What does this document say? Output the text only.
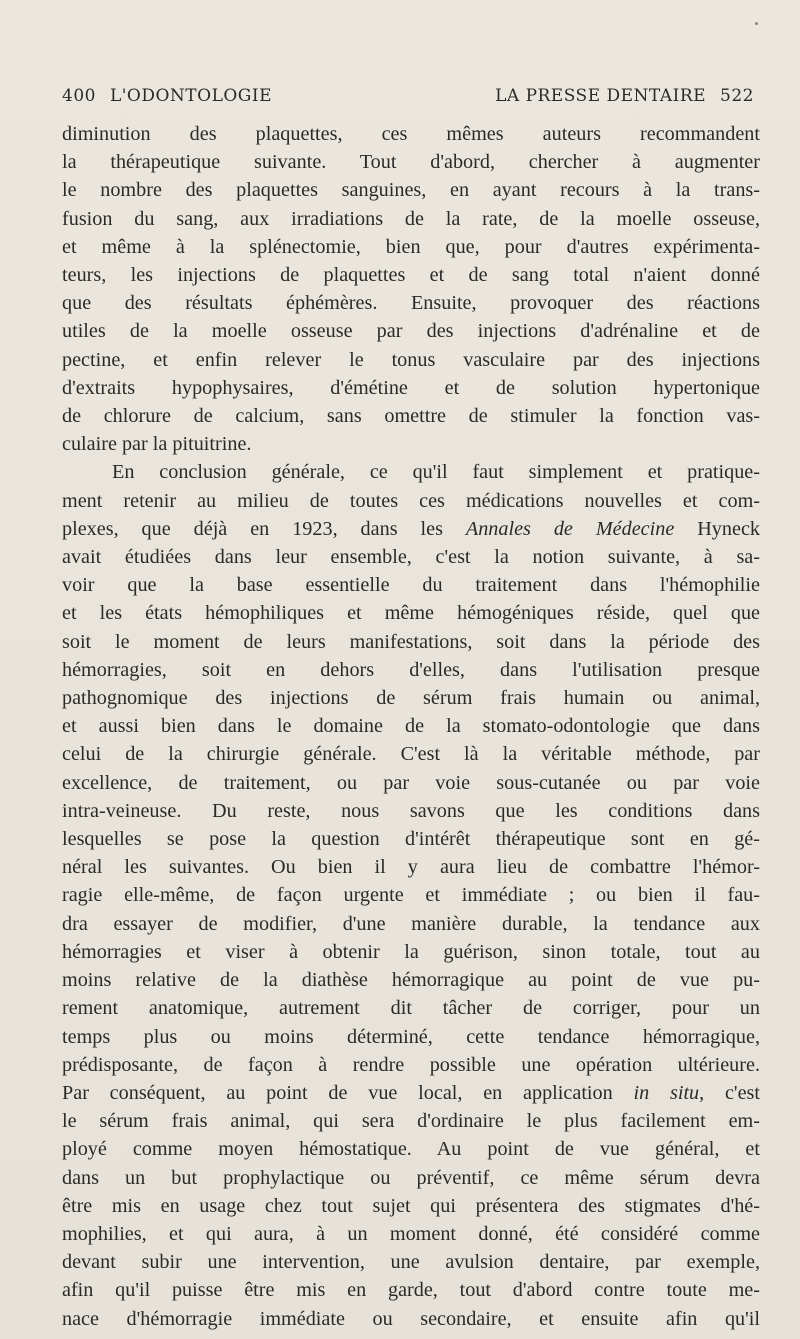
400 L'ODONTOLOGIE	LA PRESSE DENTAIRE 522
diminution des plaquettes, ces mêmes auteurs recommandent
la thérapeutique suivante. Tout d'abord, chercher à augmenter
le nombre des plaquettes sanguines, en ayant recours à la trans-
fusion du sang, aux irradiations de la rate, de la moelle osseuse,
et même à la splénectomie, bien que, pour d'autres expérimenta-
teurs, les injections de plaquettes et de sang total n'aient donné
que des résultats éphémères. Ensuite, provoquer des réactions
utiles de la moelle osseuse par des injections d'adrénaline et de
pectine, et enfin relever le tonus vasculaire par des injections
d'extraits hypophysaires, d'émétine et de solution hypertonique
de chlorure de calcium, sans omettre de stimuler la fonction vas-
culaire par la pituitrine.
En conclusion générale, ce qu'il faut simplement et pratique-
ment retenir au milieu de toutes ces médications nouvelles et com-
plexes, que déjà en 1923, dans les Annales de Médecine Hyneck
avait étudiées dans leur ensemble, c'est la notion suivante, à sa-
voir que la base essentielle du traitement dans l'hémophilie
et les états hémophiliques et même hémogéniques réside, quel que
soit le moment de leurs manifestations, soit dans la période des
hémorragies, soit en dehors d'elles, dans l'utilisation presque
pathognomique des injections de sérum frais humain ou animal,
et aussi bien dans le domaine de la stomato-odontologie que dans
celui de la chirurgie générale. C'est là la véritable méthode, par
excellence, de traitement, ou par voie sous-cutanée ou par voie
intra-veineuse. Du reste, nous savons que les conditions dans
lesquelles se pose la question d'intérêt thérapeutique sont en gé-
néral les suivantes. Ou bien il y aura lieu de combattre l'hémor-
ragie elle-même, de façon urgente et immédiate ; ou bien il fau-
dra essayer de modifier, d'une manière durable, la tendance aux
hémorragies et viser à obtenir la guérison, sinon totale, tout au
moins relative de la diathèse hémorragique au point de vue pu-
rement anatomique, autrement dit tâcher de corriger, pour un
temps plus ou moins déterminé, cette tendance hémorragique,
prédisposante, de façon à rendre possible une opération ultérieure.
Par conséquent, au point de vue local, en application in situ, c'est
le sérum frais animal, qui sera d'ordinaire le plus facilement em-
ployé comme moyen hémostatique. Au point de vue général, et
dans un but prophylactique ou préventif, ce même sérum devra
être mis en usage chez tout sujet qui présentera des stigmates d'hé-
mophilies, et qui aura, à un moment donné, été considéré comme
devant subir une intervention, une avulsion dentaire, par exemple,
afin qu'il puisse être mis en garde, tout d'abord contre toute me-
nace d'hémorragie immédiate ou secondaire, et ensuite afin qu'il
